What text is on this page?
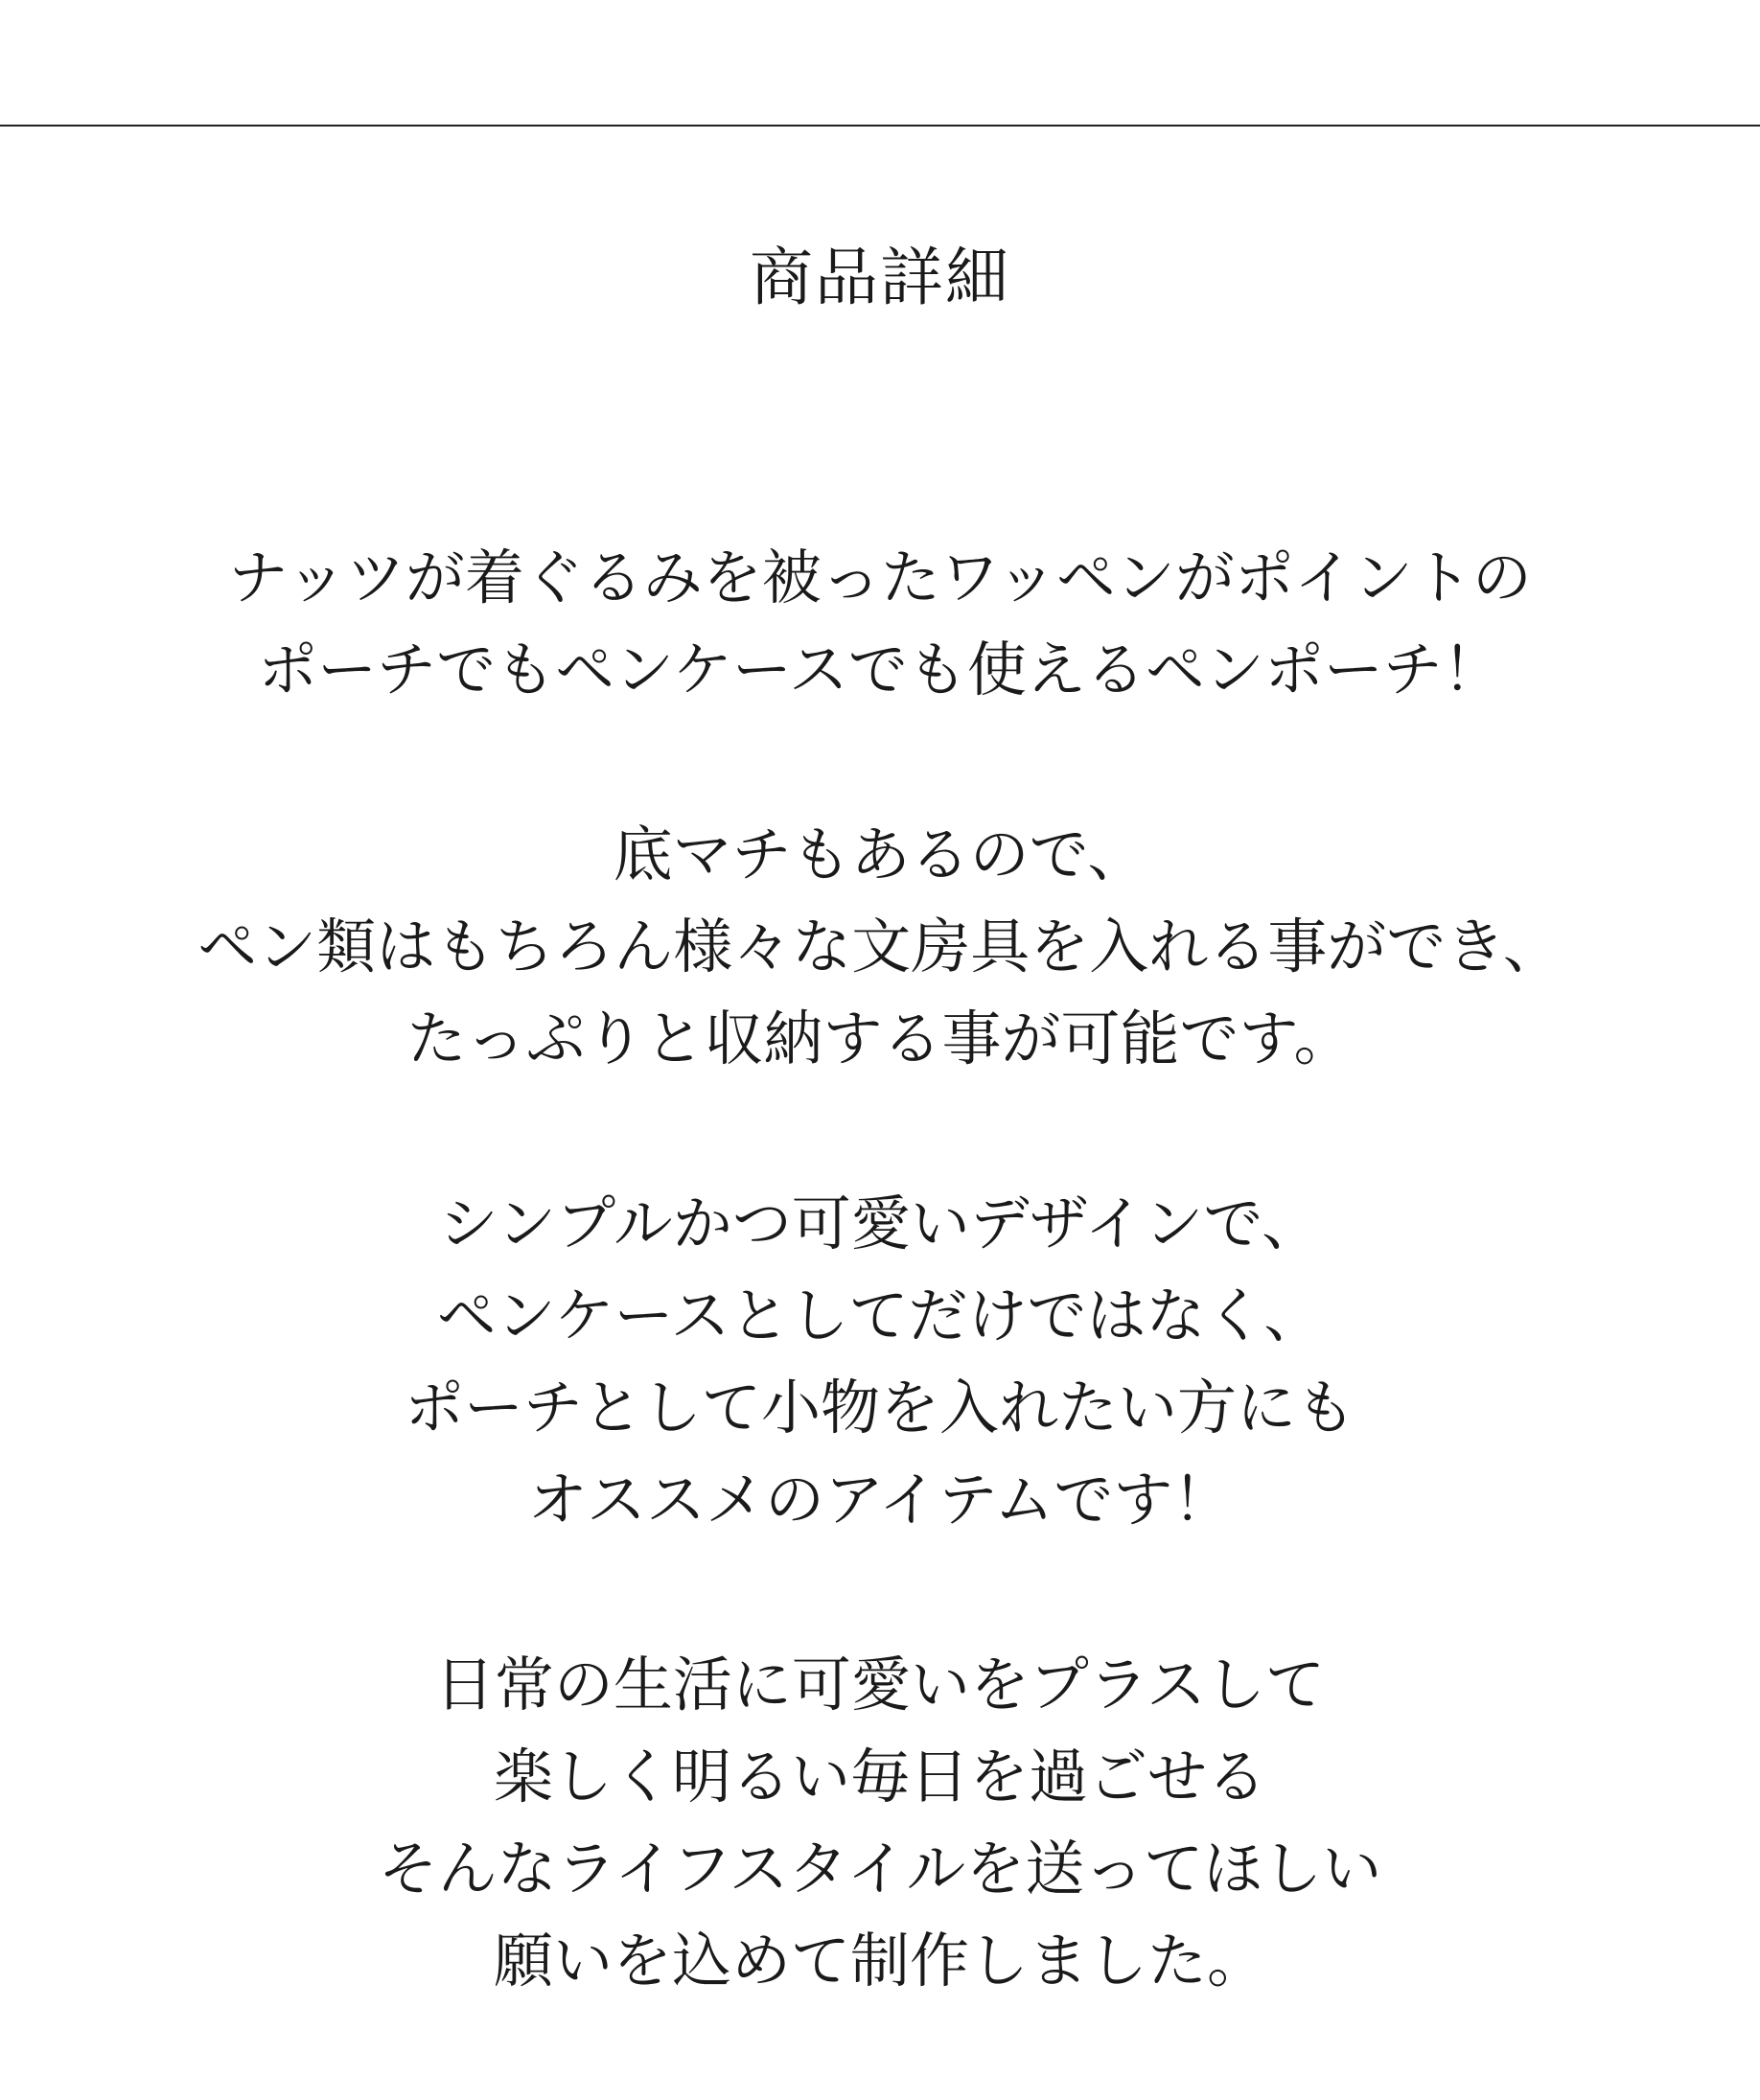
商品詳細

ナッツが着ぐるみを被ったワッペンがポイントの
ポーチでもペンケースでも使えるペンポーチ！

底マチもあるので、
ペン類はもちろん様々な文房具を入れる事ができ、
たっぷりと収納する事が可能です。

シンプルかつ可愛いデザインで、
ペンケースとしてだけではなく、
ポーチとして小物を入れたい方にも
オススメのアイテムです！

日常の生活に可愛いをプラスして
楽しく明るい毎日を過ごせる
そんなライフスタイルを送ってほしい
願いを込めて制作しました。
